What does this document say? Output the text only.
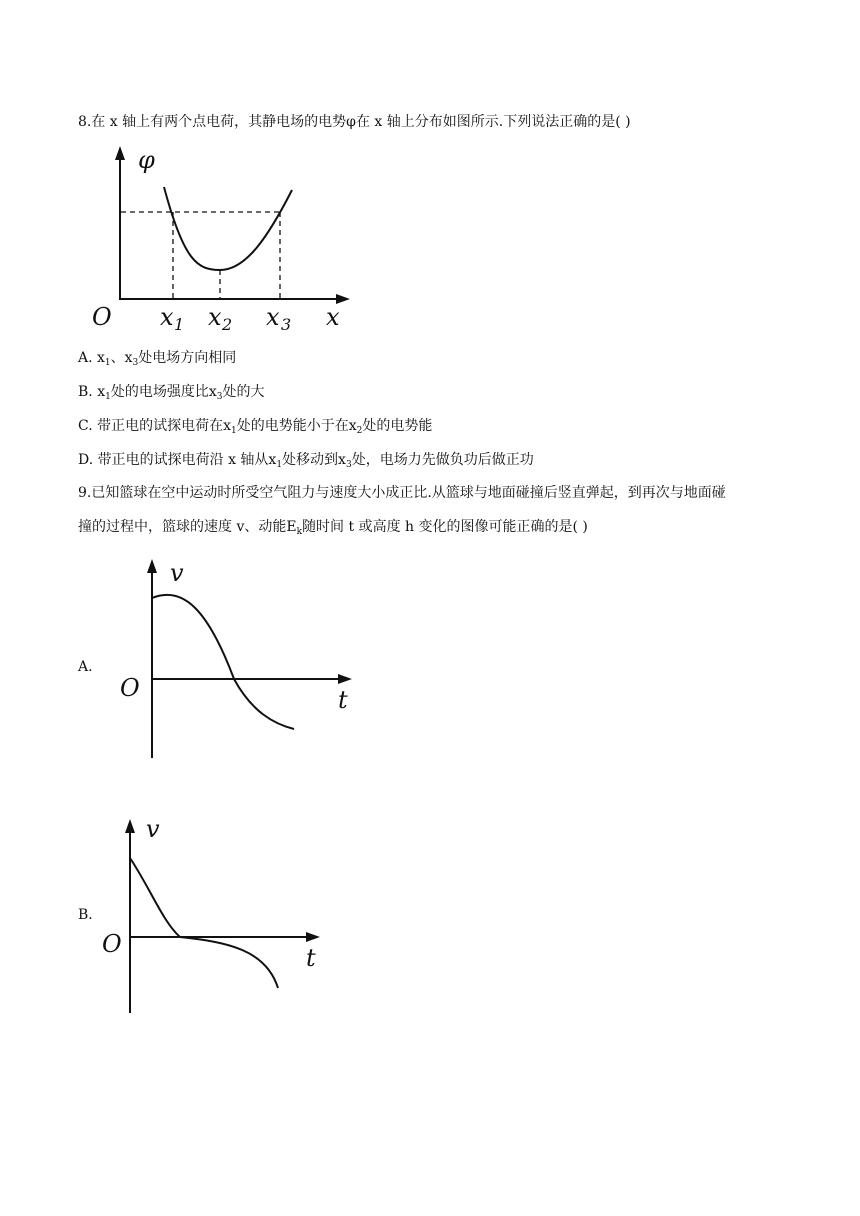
8.在 x 轴上有两个点电荷，其静电场的电势φ在 x 轴上分布如图所示.下列说法正确的是( )
φ
O x 1 x 2 x 3 x
A. $x_1$、$x_3$处电场方向相同
B. $x_1$处的电场强度比$x_3$处的大
C. 带正电的试探电荷在$x_1$处的电势能小于在$x_2$处的电势能
D. 带正电的试探电荷沿 x 轴从$x_1$处移动到$x_3$处，电场力先做负功后做正功
9.已知篮球在空中运动时所受空气阻力与速度大小成正比.从篮球与地面碰撞后竖直弹起，到再次与地面碰
撞的过程中，篮球的速度 v、动能$E_k$随时间 t 或高度 h 变化的图像可能正确的是( )
A.
v
O	t
B.
v
O	t
